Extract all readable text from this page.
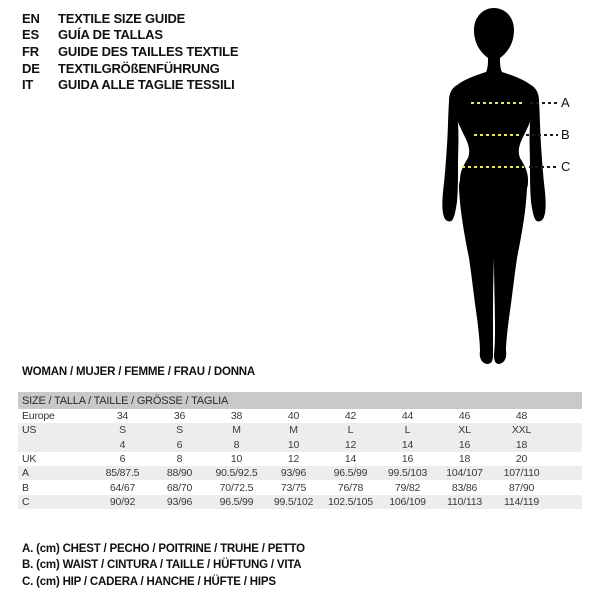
EN	TEXTILE SIZE GUIDE
ES	GUÍA DE TALLAS
FR	GUIDE DES TAILLES TEXTILE
DE	TEXTILGRÖßENFÜHRUNG
IT	GUIDA ALLE TAGLIE TESSILI
A
B
C
WOMAN / MUJER / FEMME / FRAU / DONNA
SIZE / TALLA / TAILLE / GRÖSSE / TAGLIA
Europe	34	36	38	40	42	44	46	48
US	S	S	M	M	L	L	XL	XXL
4	6	8	10	12	14	16	18
UK	6	8	10	12	14	16	18	20
A	85/87.5	88/90	90.5/92.5	93/96	96.5/99	99.5/103	104/107	107/110
B	64/67	68/70	70/72.5	73/75	76/78	79/82	83/86	87/90
C	90/92	93/96	96.5/99	99.5/102	102.5/105	106/109	110/113	114/119
A. (cm) CHEST / PECHO / POITRINE / TRUHE / PETTO
B. (cm) WAIST / CINTURA / TAILLE / HÜFTUNG / VITA
C. (cm) HIP / CADERA / HANCHE / HÜFTE / HIPS
